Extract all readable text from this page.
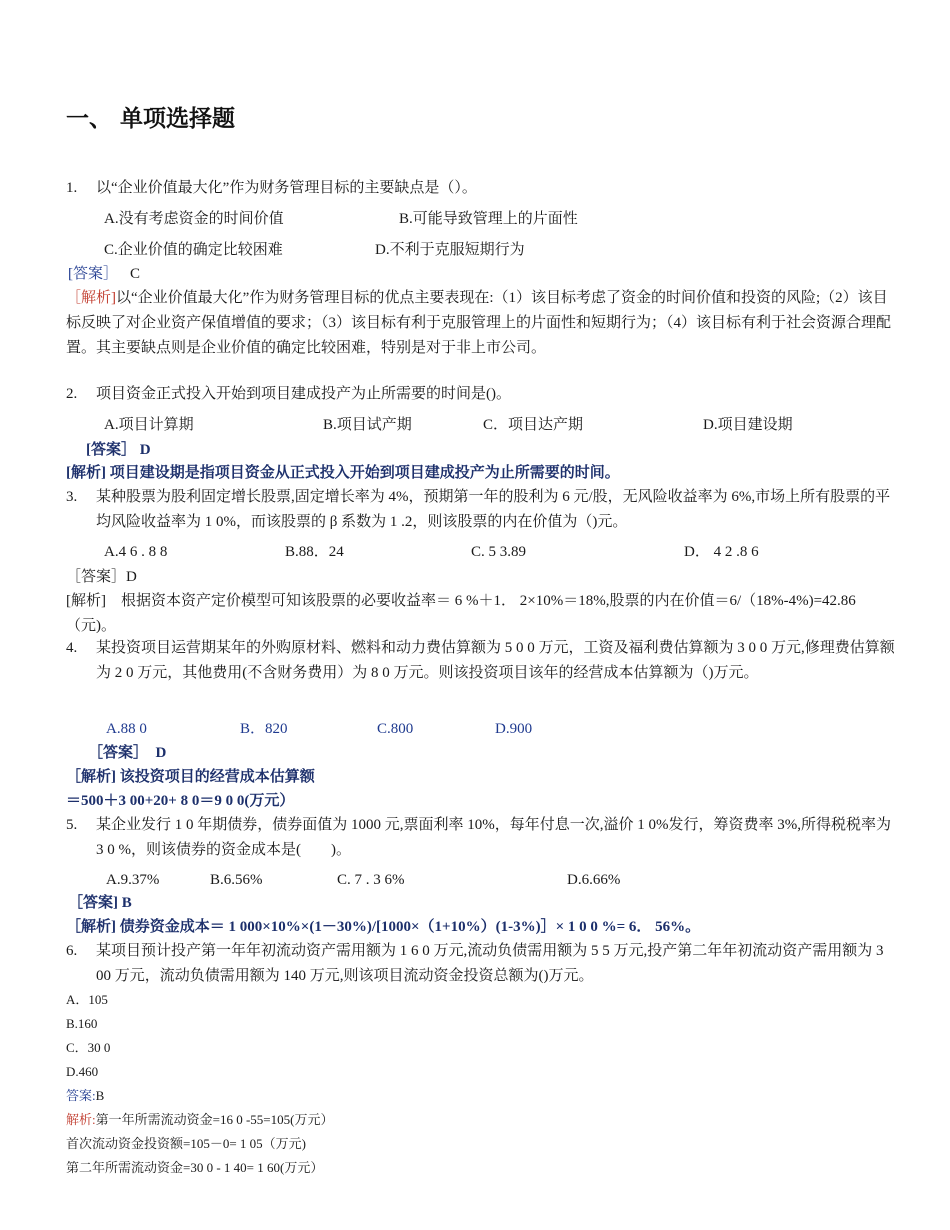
一、 单项选择题
1. 以“企业价值最大化”作为财务管理目标的主要缺点是（）。
A.没有考虑资金的时间价值	B.可能导致管理上的片面性
C.企业价值的确定比较困难	D.不利于克服短期行为
[答案］ C
［解析]以“企业价值最大化”作为财务管理目标的优点主要表现在:（1）该目标考虑了资金的时间价值和投资的风险;（2）该目标反映了对企业资产保值增值的要求；（3）该目标有利于克服管理上的片面性和短期行为；（4）该目标有利于社会资源合理配置。其主要缺点则是企业价值的确定比较困难，特别是对于非上市公司。
2. 项目资金正式投入开始到项目建成投产为止所需要的时间是()。
A.项目计算期	B.项目试产期	C．项目达产期	D.项目建设期
[答案］ D
[解析] 项目建设期是指项目资金从正式投入开始到项目建成投产为止所需要的时间。
3. 某种股票为股利固定增长股票,固定增长率为 4%，预期第一年的股利为 6 元/股，无风险收益率为 6%,市场上所有股票的平均风险收益率为 1 0%，而该股票的 β 系数为 1 .2，则该股票的内在价值为（)元。
A.4 6 . 8 8	B.88．24	C. 5 3.89	D． 4 2 .8 6
［答案］D
[解析]　根据资本资产定价模型可知该股票的必要收益率＝ 6 %＋1． 2×10%＝18%,股票的内在价值＝6/（18%-4%)=42.86（元)。
4. 某投资项目运营期某年的外购原材料、燃料和动力费估算额为 5 0 0 万元，工资及福利费估算额为 3 0 0 万元,修理费估算额为 2 0 万元，其他费用(不含财务费用）为 8 0 万元。则该投资项目该年的经营成本估算额为（)万元。
A.88 0	B．820	C.800	D.900
［答案］　D
［解析] 该投资项目的经营成本估算额
＝500＋3 00+20+ 8 0＝9 0 0(万元）
5. 某企业发行 1 0 年期债券，债券面值为 1000 元,票面利率 10%，每年付息一次,溢价 1 0%发行，筹资费率 3%,所得税税率为 3 0 %，则该债券的资金成本是(　　)。
A.9.37%	B.6.56%	C. 7 . 3 6%	D.6.66%
［答案] B
［解析] 债券资金成本＝ 1 000×10%×(1－30%)/[1000×（1+10%）(1-3%)］× 1 0 0 %= 6． 56%。
6. 某项目预计投产第一年年初流动资产需用额为 1 6 0 万元,流动负债需用额为 5 5 万元,投产第二年年初流动资产需用额为 3 00 万元，流动负债需用额为 140 万元,则该项目流动资金投资总额为()万元。
A．105
B.160
C．30 0
D.460
答案:B
解析:第一年所需流动资金=16 0 -55=105(万元）
首次流动资金投资额=105－0= 1 05（万元)
第二年所需流动资金=30 0 - 1 40= 1 60(万元）
